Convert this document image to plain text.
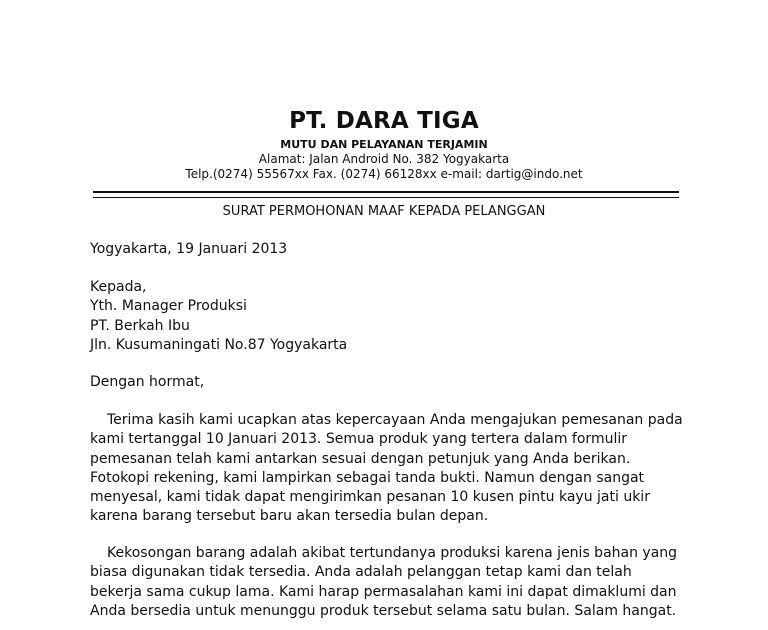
PT. DARA TIGA
MUTU DAN PELAYANAN TERJAMIN
Alamat: Jalan Android No. 382 Yogyakarta
Telp.(0274) 55567xx Fax. (0274) 66128xx e-mail: dartig@indo.net
SURAT PERMOHONAN MAAF KEPADA PELANGGAN
Yogyakarta, 19 Januari 2013
Kepada,
Yth. Manager Produksi
PT. Berkah Ibu
Jln. Kusumaningati No.87 Yogyakarta
Dengan hormat,
Terima kasih kami ucapkan atas kepercayaan Anda mengajukan pemesanan pada
kami tertanggal 10 Januari 2013. Semua produk yang tertera dalam formulir
pemesanan telah kami antarkan sesuai dengan petunjuk yang Anda berikan.
Fotokopi rekening, kami lampirkan sebagai tanda bukti. Namun dengan sangat
menyesal, kami tidak dapat mengirimkan pesanan 10 kusen pintu kayu jati ukir
karena barang tersebut baru akan tersedia bulan depan.
Kekosongan barang adalah akibat tertundanya produksi karena jenis bahan yang
biasa digunakan tidak tersedia. Anda adalah pelanggan tetap kami dan telah
bekerja sama cukup lama. Kami harap permasalahan kami ini dapat dimaklumi dan
Anda bersedia untuk menunggu produk tersebut selama satu bulan. Salam hangat.
